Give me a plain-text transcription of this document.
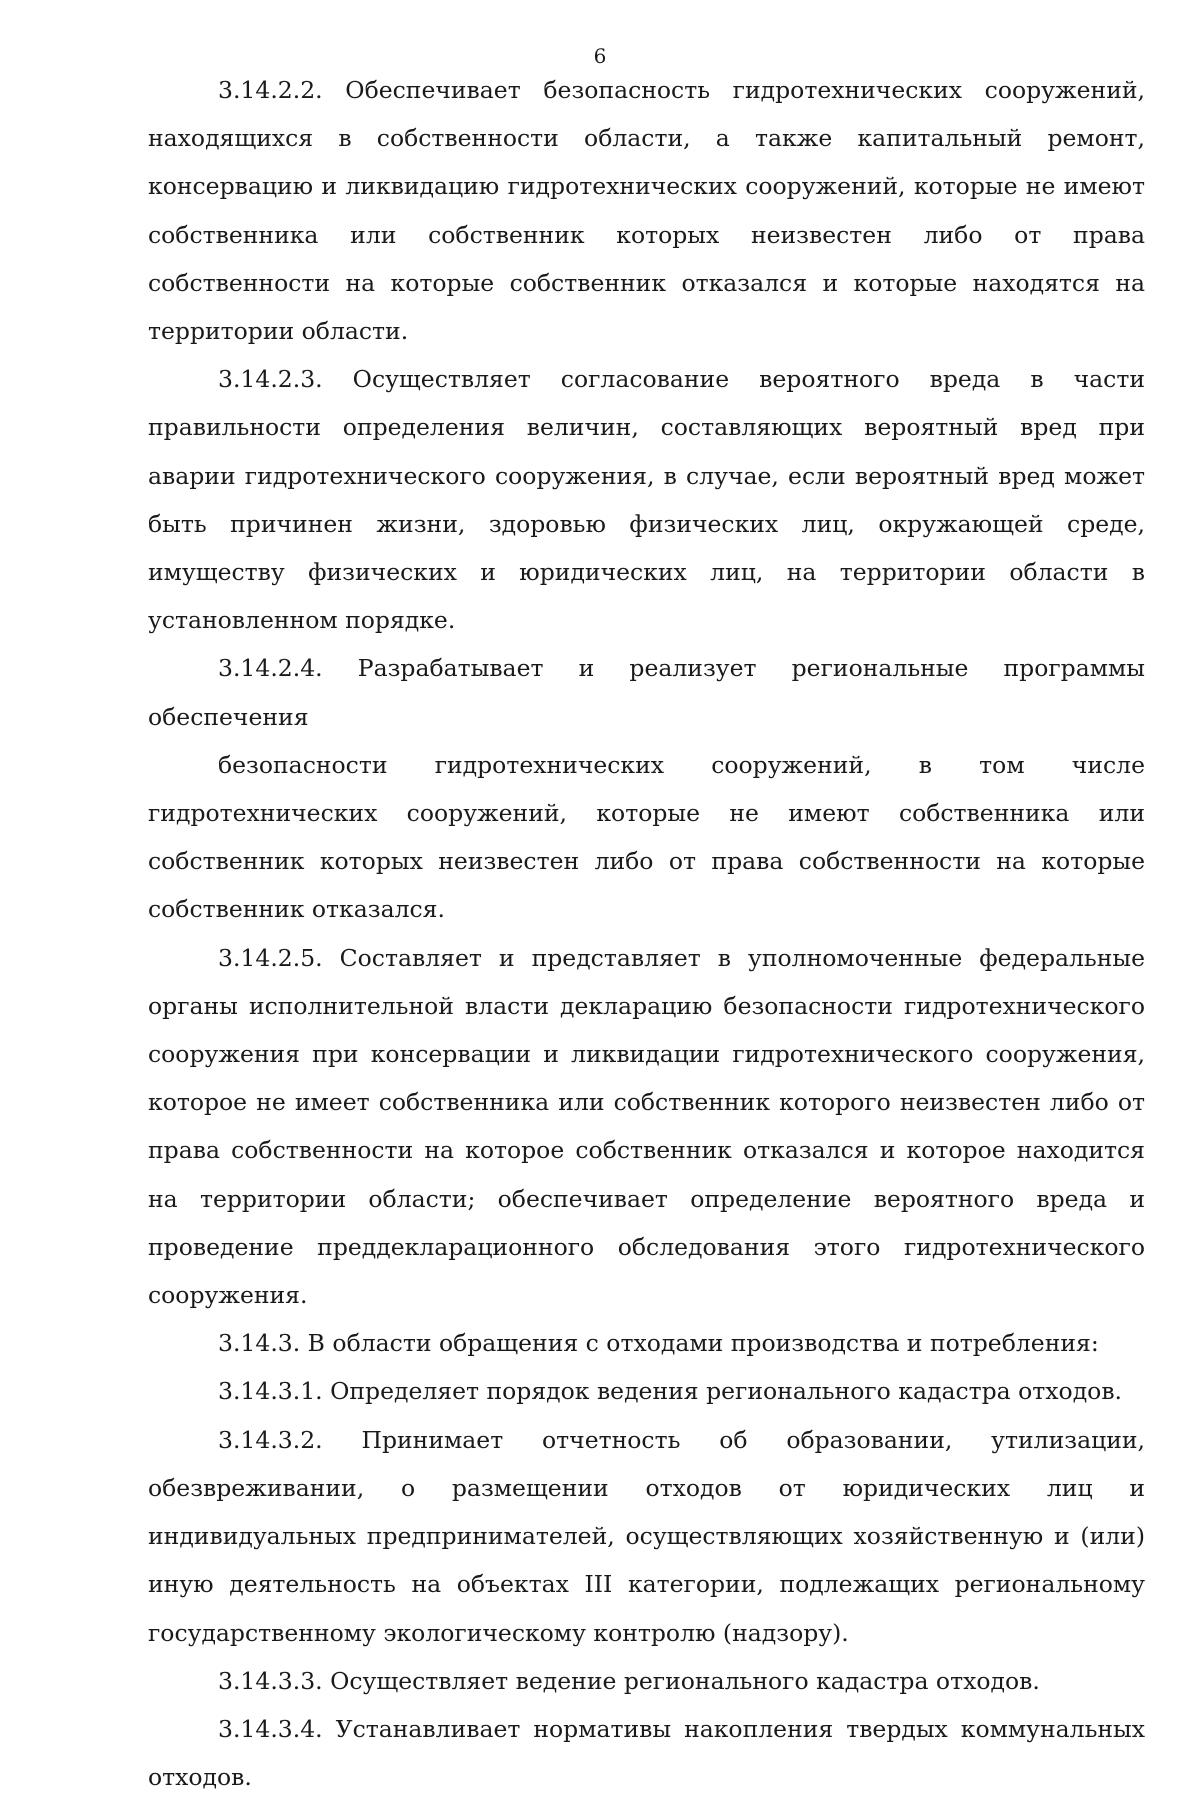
6

3.14.2.2. Обеспечивает безопасность гидротехнических сооружений, находящихся в собственности области, а также капитальный ремонт, консервацию и ликвидацию гидротехнических сооружений, которые не имеют собственника или собственник которых неизвестен либо от права собственности на которые собственник отказался и которые находятся на территории области.

3.14.2.3. Осуществляет согласование вероятного вреда в части правильности определения величин, составляющих вероятный вред при аварии гидротехнического сооружения, в случае, если вероятный вред может быть причинен жизни, здоровью физических лиц, окружающей среде, имуществу физических и юридических лиц, на территории области в установленном порядке.

3.14.2.4. Разрабатывает и реализует региональные программы обеспечения

безопасности гидротехнических сооружений, в том числе гидротехнических сооружений, которые не имеют собственника или собственник которых неизвестен либо от права собственности на которые собственник отказался.

3.14.2.5. Составляет и представляет в уполномоченные федеральные органы исполнительной власти декларацию безопасности гидротехнического сооружения при консервации и ликвидации гидротехнического сооружения, которое не имеет собственника или собственник которого неизвестен либо от права собственности на которое собственник отказался и которое находится на территории области; обеспечивает определение вероятного вреда и проведение преддекларационного обследования этого гидротехнического сооружения.

3.14.3. В области обращения с отходами производства и потребления:

3.14.3.1. Определяет порядок ведения регионального кадастра отходов.

3.14.3.2. Принимает отчетность об образовании, утилизации, обезвреживании, о размещении отходов от юридических лиц и индивидуальных предпринимателей, осуществляющих хозяйственную и (или) иную деятельность на объектах III категории, подлежащих региональному государственному экологическому контролю (надзору).

3.14.3.3. Осуществляет ведение регионального кадастра отходов.

3.14.3.4. Устанавливает нормативы накопления твердых коммунальных отходов.
